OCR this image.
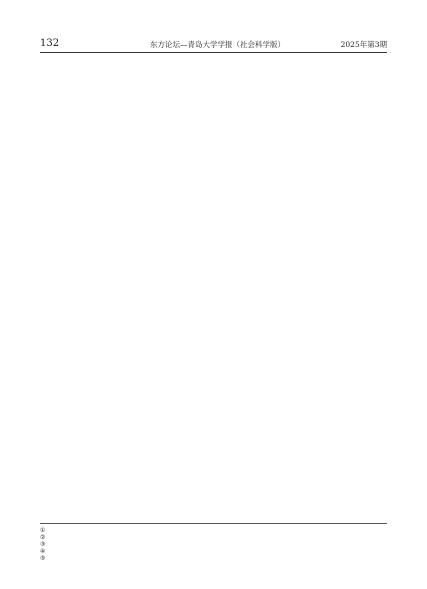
132	东方论坛—青岛大学学报（社会科学版）	2025年第3期

①
②
③
④
⑤
